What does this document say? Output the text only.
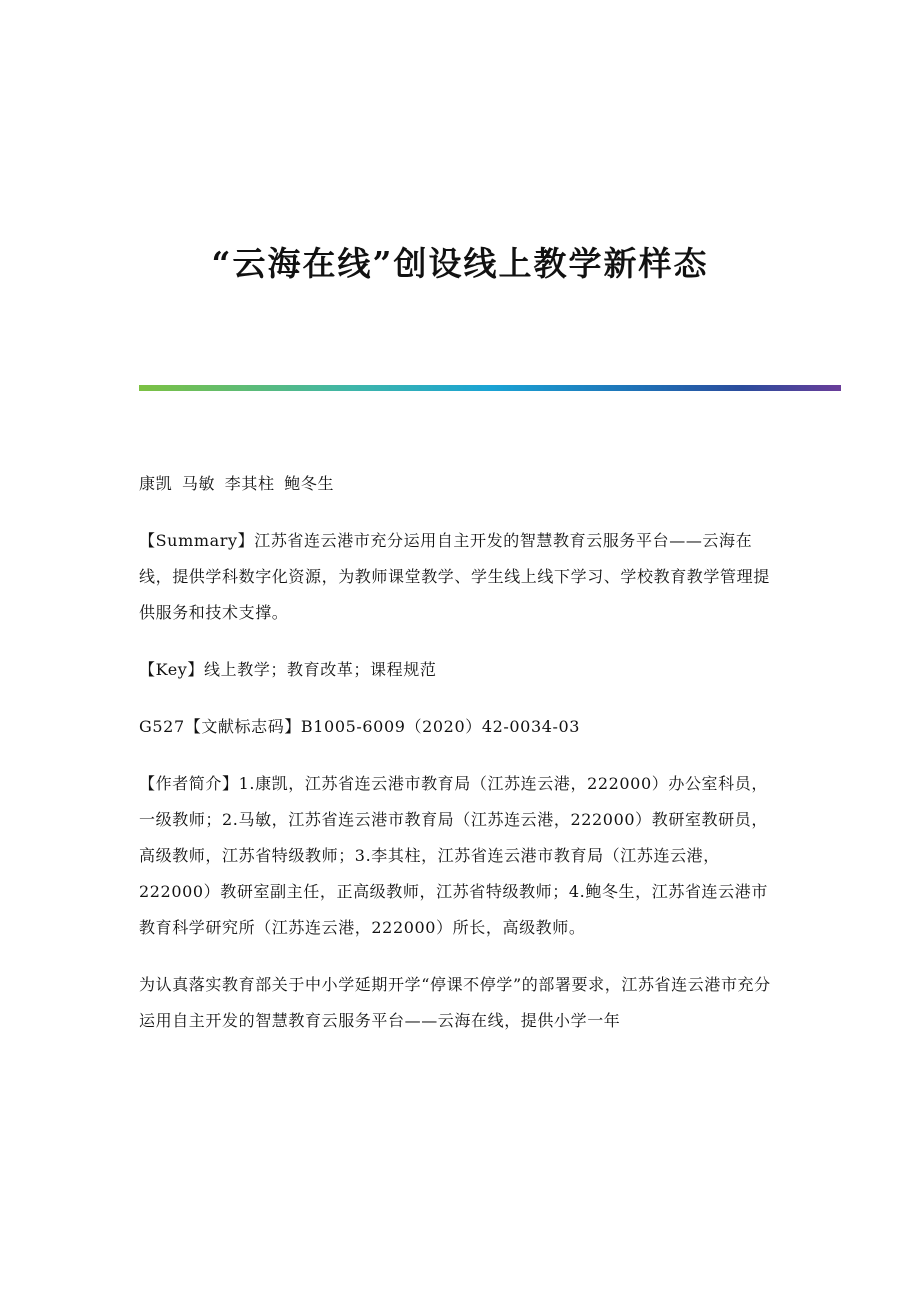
“云海在线”创设线上教学新样态

康凯 马敏 李其柱 鲍冬生

【Summary】江苏省连云港市充分运用自主开发的智慧教育云服务平台——云海在线，提供学科数字化资源，为教师课堂教学、学生线上线下学习、学校教育教学管理提供服务和技术支撑。

【Key】线上教学；教育改革；课程规范

G527【文献标志码】B1005-6009（2020）42-0034-03

【作者简介】1.康凯，江苏省连云港市教育局（江苏连云港，222000）办公室科员，一级教师；2.马敏，江苏省连云港市教育局（江苏连云港，222000）教研室教研员，高级教师，江苏省特级教师；3.李其柱，江苏省连云港市教育局（江苏连云港，222000）教研室副主任，正高级教师，江苏省特级教师；4.鲍冬生，江苏省连云港市教育科学研究所（江苏连云港，222000）所长，高级教师。

为认真落实教育部关于中小学延期开学“停课不停学”的部署要求，江苏省连云港市充分运用自主开发的智慧教育云服务平台——云海在线，提供小学一年
